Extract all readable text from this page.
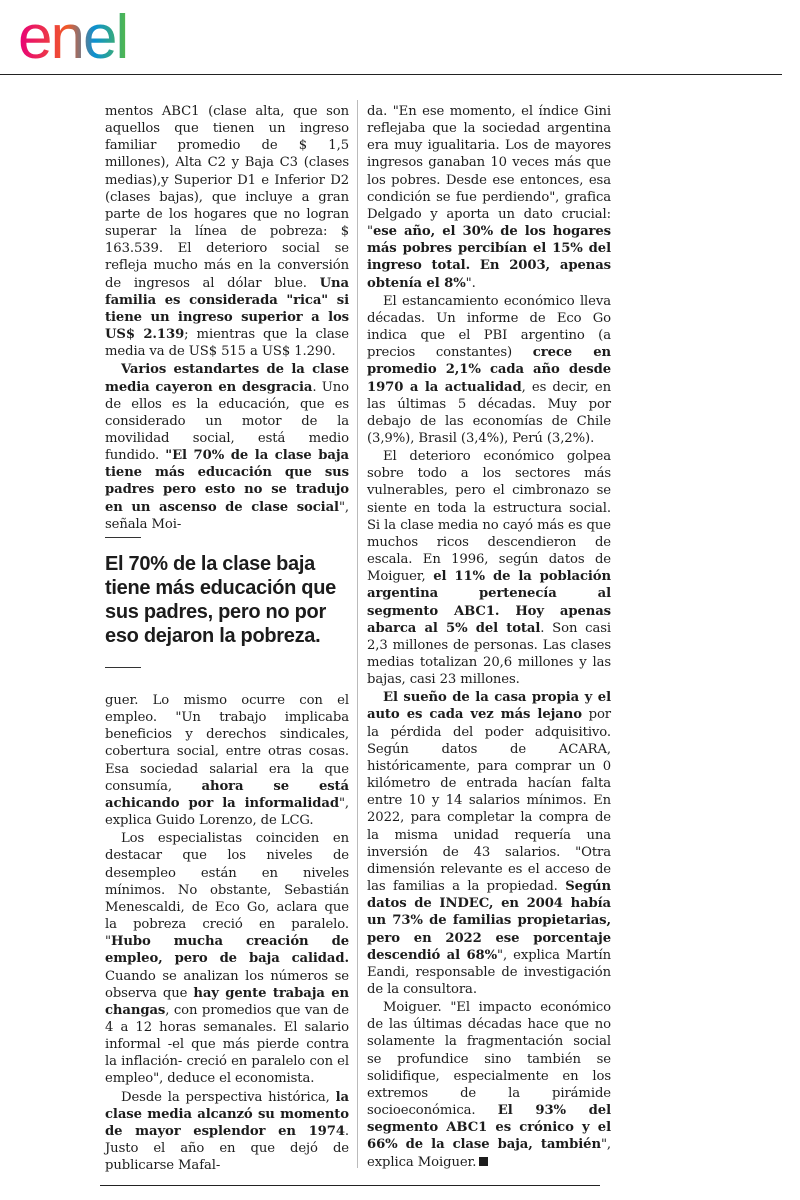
enel

mentos ABC1 (clase alta, que son aquellos que tienen un ingreso familiar promedio de $ 1,5 millones), Alta C2 y Baja C3 (clases medias),y Superior D1 e Inferior D2 (clases bajas), que incluye a gran parte de los hogares que no logran superar la línea de pobreza: $ 163.539. El deterioro social se refleja mucho más en la conversión de ingresos al dólar blue. Una familia es considerada "rica" si tiene un ingreso superior a los US$ 2.139; mientras que la clase media va de US$ 515 a US$ 1.290.

Varios estandartes de la clase media cayeron en desgracia. Uno de ellos es la educación, que es considerado un motor de la movilidad social, está medio fundido. "El 70% de la clase baja tiene más educación que sus padres pero esto no se tradujo en un ascenso de clase social", señala Moi-

El 70% de la clase baja tiene más educación que sus padres, pero no por eso dejaron la pobreza.

guer. Lo mismo ocurre con el empleo. "Un trabajo implicaba beneficios y derechos sindicales, cobertura social, entre otras cosas. Esa sociedad salarial era la que consumía, ahora se está achicando por la informalidad", explica Guido Lorenzo, de LCG.

Los especialistas coinciden en destacar que los niveles de desempleo están en niveles mínimos. No obstante, Sebastián Menescaldi, de Eco Go, aclara que la pobreza creció en paralelo. "Hubo mucha creación de empleo, pero de baja calidad. Cuando se analizan los números se observa que hay gente trabaja en changas, con promedios que van de 4 a 12 horas semanales. El salario informal -el que más pierde contra la inflación- creció en paralelo con el empleo", deduce el economista.

Desde la perspectiva histórica, la clase media alcanzó su momento de mayor esplendor en 1974. Justo el año en que dejó de publicarse Mafal-

da. "En ese momento, el índice Gini reflejaba que la sociedad argentina era muy igualitaria. Los de mayores ingresos ganaban 10 veces más que los pobres. Desde ese entonces, esa condición se fue perdiendo", grafica Delgado y aporta un dato crucial: "ese año, el 30% de los hogares más pobres percibían el 15% del ingreso total. En 2003, apenas obtenía el 8%".

El estancamiento económico lleva décadas. Un informe de Eco Go indica que el PBI argentino (a precios constantes) crece en promedio 2,1% cada año desde 1970 a la actualidad, es decir, en las últimas 5 décadas. Muy por debajo de las economías de Chile (3,9%), Brasil (3,4%), Perú (3,2%).

El deterioro económico golpea sobre todo a los sectores más vulnerables, pero el cimbronazo se siente en toda la estructura social. Si la clase media no cayó más es que muchos ricos descendieron de escala. En 1996, según datos de Moiguer, el 11% de la población argentina pertenecía al segmento ABC1. Hoy apenas abarca al 5% del total. Son casi 2,3 millones de personas. Las clases medias totalizan 20,6 millones y las bajas, casi 23 millones.

El sueño de la casa propia y el auto es cada vez más lejano por la pérdida del poder adquisitivo. Según datos de ACARA, históricamente, para comprar un 0 kilómetro de entrada hacían falta entre 10 y 14 salarios mínimos. En 2022, para completar la compra de la misma unidad requería una inversión de 43 salarios. "Otra dimensión relevante es el acceso de las familias a la propiedad. Según datos de INDEC, en 2004 había un 73% de familias propietarias, pero en 2022 ese porcentaje descendió al 68%", explica Martín Eandi, responsable de investigación de la consultora.

Moiguer. "El impacto económico de las últimas décadas hace que no solamente la fragmentación social se profundice sino también se solidifique, especialmente en los extremos de la pirámide socioeconómica. El 93% del segmento ABC1 es crónico y el 66% de la clase baja, también", explica Moiguer.
